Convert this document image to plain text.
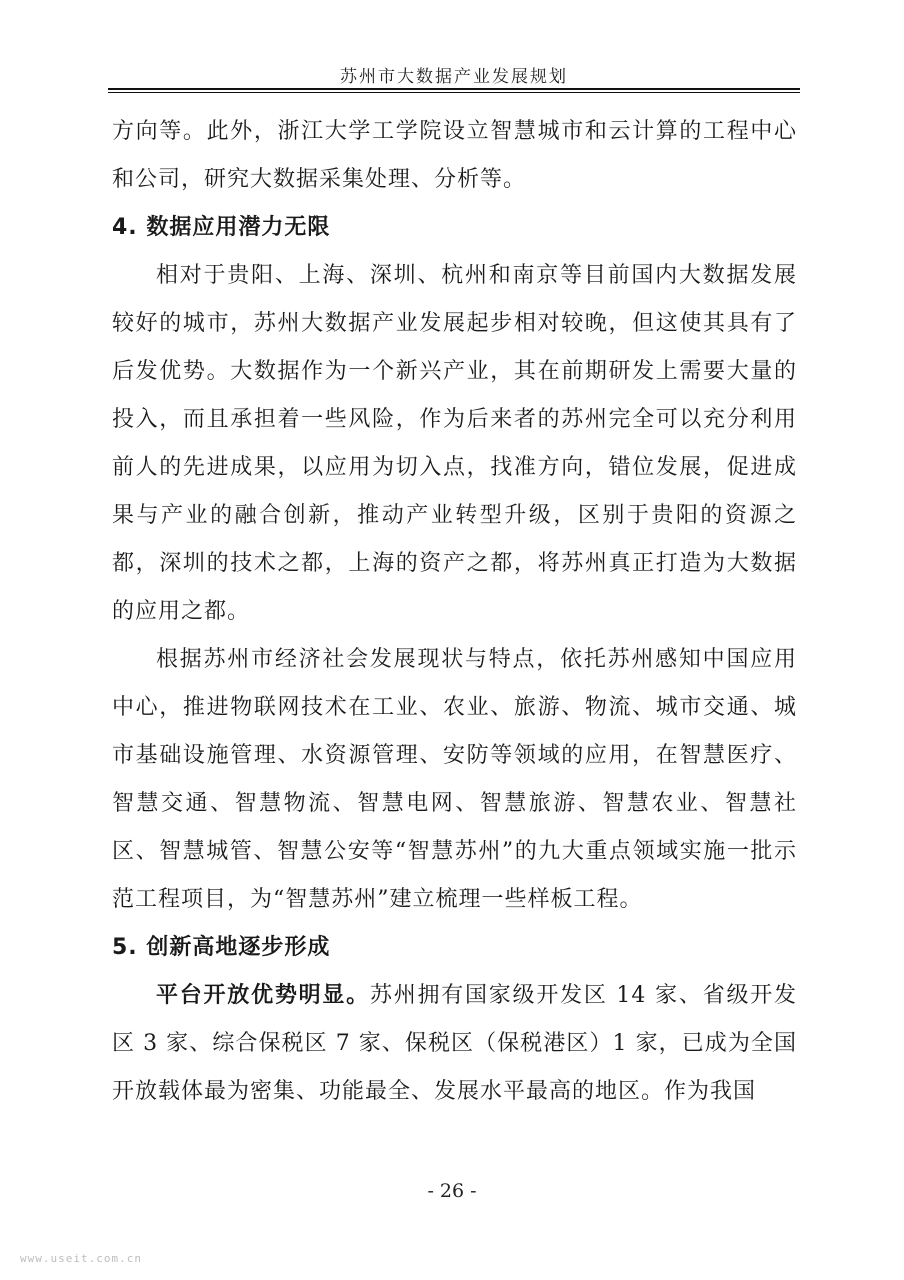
苏州市大数据产业发展规划

方向等。此外，浙江大学工学院设立智慧城市和云计算的工程中心和公司，研究大数据采集处理、分析等。

4. 数据应用潜力无限

相对于贵阳、上海、深圳、杭州和南京等目前国内大数据发展较好的城市，苏州大数据产业发展起步相对较晚，但这使其具有了后发优势。大数据作为一个新兴产业，其在前期研发上需要大量的投入，而且承担着一些风险，作为后来者的苏州完全可以充分利用前人的先进成果，以应用为切入点，找准方向，错位发展，促进成果与产业的融合创新，推动产业转型升级，区别于贵阳的资源之都，深圳的技术之都，上海的资产之都，将苏州真正打造为大数据的应用之都。

根据苏州市经济社会发展现状与特点，依托苏州感知中国应用中心，推进物联网技术在工业、农业、旅游、物流、城市交通、城市基础设施管理、水资源管理、安防等领域的应用，在智慧医疗、智慧交通、智慧物流、智慧电网、智慧旅游、智慧农业、智慧社区、智慧城管、智慧公安等“智慧苏州”的九大重点领域实施一批示范工程项目，为“智慧苏州”建立梳理一些样板工程。

5. 创新高地逐步形成

平台开放优势明显。苏州拥有国家级开发区 14 家、省级开发区 3 家、综合保税区 7 家、保税区（保税港区）1 家，已成为全国开放载体最为密集、功能最全、发展水平最高的地区。作为我国

- 26 -
www.useit.com.cn
